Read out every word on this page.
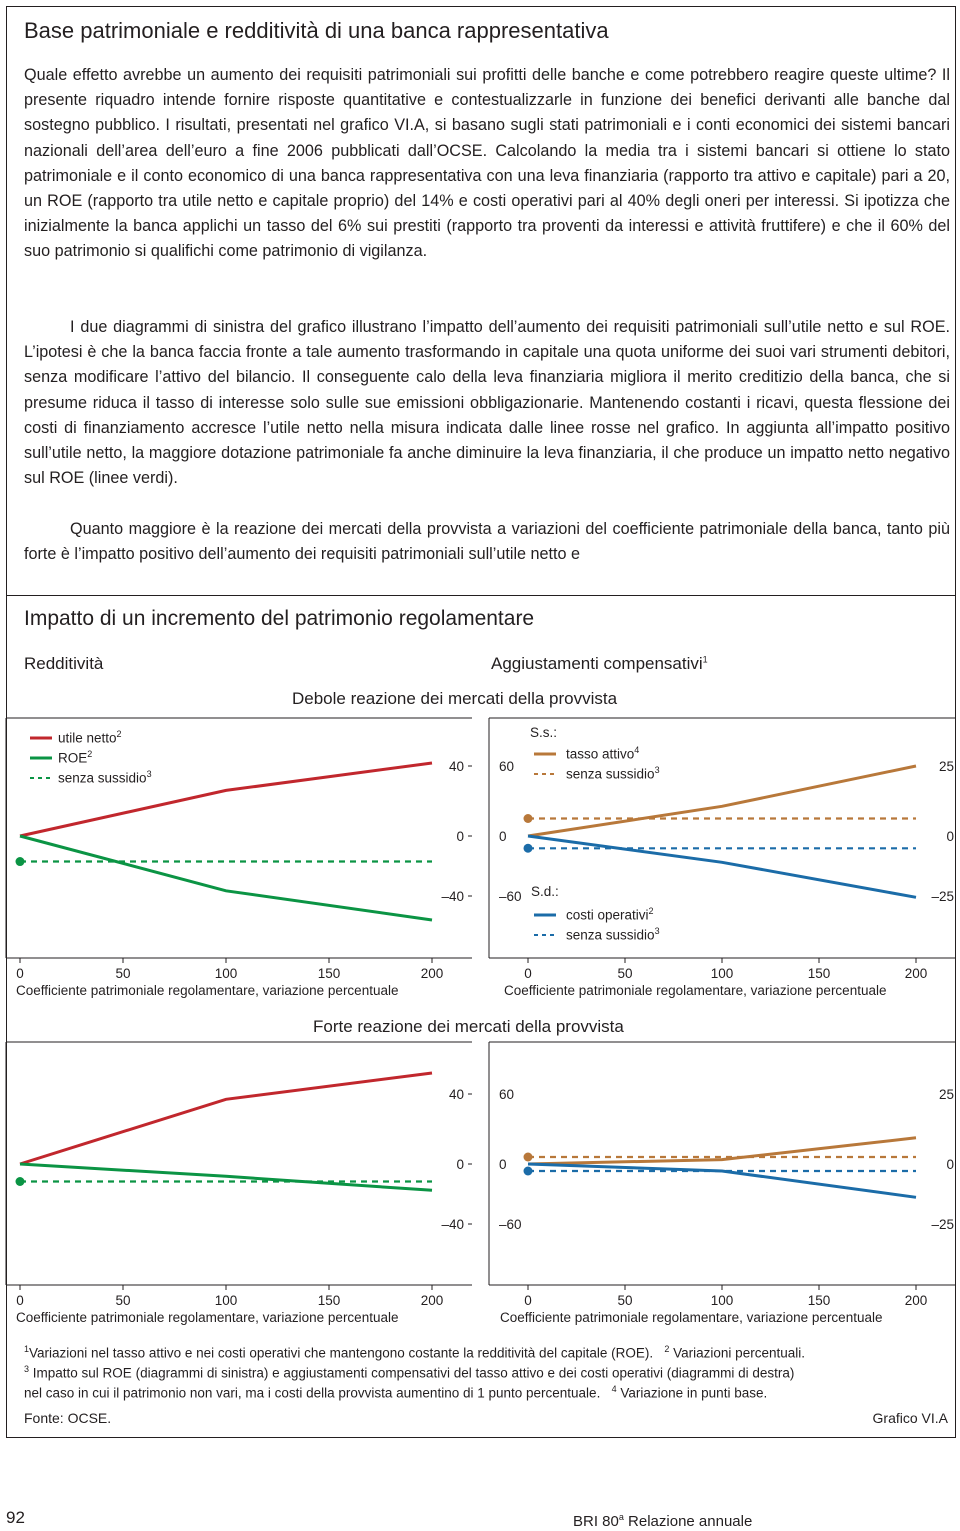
Base patrimoniale e redditività di una banca rappresentativa

Quale effetto avrebbe un aumento dei requisiti patrimoniali sui profitti delle banche e come potrebbero reagire queste ultime? Il presente riquadro intende fornire risposte quantitative e contestualizzarle in funzione dei benefici derivanti alle banche dal sostegno pubblico. I risultati, presentati nel grafico VI.A, si basano sugli stati patrimoniali e i conti economici dei sistemi bancari nazionali dell’area dell’euro a fine 2006 pubblicati dall’OCSE. Calcolando la media tra i sistemi bancari si ottiene lo stato patrimoniale e il conto economico di una banca rappresentativa con una leva finanziaria (rapporto tra attivo e capitale) pari a 20, un ROE (rapporto tra utile netto e capitale proprio) del 14% e costi operativi pari al 40% degli oneri per interessi. Si ipotizza che inizialmente la banca applichi un tasso del 6% sui prestiti (rapporto tra proventi da interessi e attività fruttifere) e che il 60% del suo patrimonio si qualifichi come patrimonio di vigilanza.

I due diagrammi di sinistra del grafico illustrano l’impatto dell’aumento dei requisiti patrimoniali sull’utile netto e sul ROE. L’ipotesi è che la banca faccia fronte a tale aumento trasformando in capitale una quota uniforme dei suoi vari strumenti debitori, senza modificare l’attivo del bilancio. Il conseguente calo della leva finanziaria migliora il merito creditizio della banca, che si presume riduca il tasso di interesse solo sulle sue emissioni obbligazionarie. Mantenendo costanti i ricavi, questa flessione dei costi di finanziamento accresce l’utile netto nella misura indicata dalle linee rosse nel grafico. In aggiunta all’impatto positivo sull’utile netto, la maggiore dotazione patrimoniale fa anche diminuire la leva finanziaria, il che produce un impatto netto negativo sul ROE (linee verdi).

Quanto maggiore è la reazione dei mercati della provvista a variazioni del coefficiente patrimoniale della banca, tanto più forte è l’impatto positivo dell’aumento dei requisiti patrimoniali sull’utile netto e

Impatto di un incremento del patrimonio regolamentare
Redditività	Aggiustamenti compensativi$^1$
Debole reazione dei mercati della provvista
Forte reazione dei mercati della provvista
Coefficiente patrimoniale regolamentare, variazione percentuale	Coefficiente patrimoniale regolamentare, variazione percentuale
Coefficiente patrimoniale regolamentare, variazione percentuale	Coefficiente patrimoniale regolamentare, variazione percentuale
utile netto$^2$
ROE$^2$
senza sussidio$^3$
S.s.:
tasso attivo$^4$
senza sussidio$^3$
S.d.:
costi operativi$^2$
senza sussidio$^3$
$^1$Variazioni nel tasso attivo e nei costi operativi che mantengono costante la redditività del capitale (ROE). $^2$ Variazioni percentuali.
$^3$ Impatto sul ROE (diagrammi di sinistra) e aggiustamenti compensativi del tasso attivo e dei costi operativi (diagrammi di destra)
nel caso in cui il patrimonio non vari, ma i costi della provvista aumentino di 1 punto percentuale. $^4$ Variazione in punti base.
Fonte: OCSE.	Grafico VI.A
92	BRI 80$^a$ Relazione annuale
0	50	100	150	200
40
0
–40
0	50	100	150	200
60
0
–60
25
0
–25
0	50	100	150	200
40
0
–40
0	50	100	150	200
60
0
–60
25
0
–25
